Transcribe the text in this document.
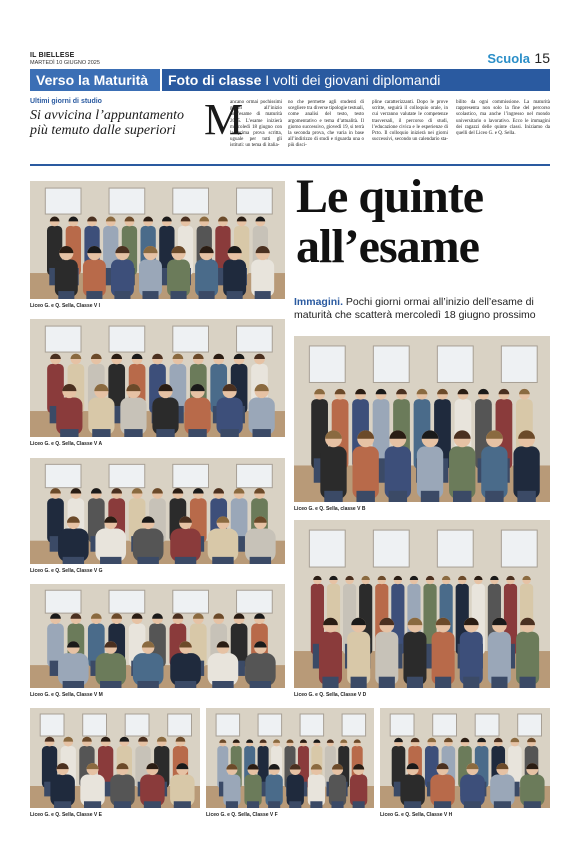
IL BIELLESE
MARTEDÌ 10 GIUGNO 2025	Scuola 15
Verso la Maturità	Foto di classe I volti dei giovani diplomandi
Ultimi giorni di studio
Si avvicina l’appuntamento più temuto dalle superiori M
ancano ormai pochissimi giorni all’inizio dell’esame di maturità 2025. L’esame inizierà mercoledì 18 giugno con la prima prova scritta, uguale per tutti gli istituti: un tema di italia-
no che permette agli studenti di scegliere tra diverse tipologie testuali, come analisi del testo, testo argomentativo e tema d’attualità. Il giorno successivo, giovedì 19, si terrà la seconda prova, che varia in base all’indirizzo di studi e riguarda una o più disci-
pline caratterizzanti. Dopo le prove scritte, seguirà il colloquio orale, in cui verranno valutate le competenze trasversali, il percorso di studi, l’educazione civica e le esperienze di Pcto. Il colloquio inizierà nei giorni successivi, secondo un calendario sta-
bilito da ogni commissione. La maturità rappresenta non solo la fine del percorso scolastico, ma anche l’ingresso nel mondo universitario o lavorativo. Ecco le immagini dei ragazzi delle quinte classi. Iniziamo da quelli del Liceo G. e Q. Sella.
Le quinte all’esame
Immagini. Pochi giorni ormai all’inizio dell’esame di maturità che scatterà mercoledì 18 giugno prossimo
Liceo G. e Q. Sella, Classe V I
Liceo G. e Q. Sella, Classe V A
Liceo G. e Q. Sella, Classe V G
Liceo G. e Q. Sella, Classe V M
Liceo G. e Q. Sella, classe V B
Liceo G. e Q. Sella, Classe V D
Liceo G. e Q. Sella, Classe V E	Liceo G. e Q. Sella, Classe V F	Liceo G. e Q. Sella, Classe V H
